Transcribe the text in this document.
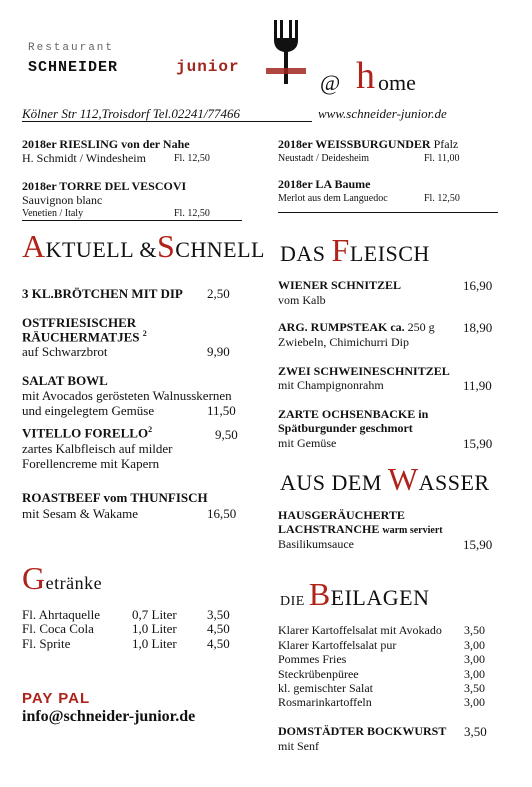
Restaurant
SCHNEIDER	junior
@ h ome
Kölner Str 112,Troisdorf Tel.02241/77466	www.schneider-junior.de
2018er RIESLING von der Nahe
H. Schmidt / Windesheim	Fl. 12,50
2018er TORRE DEL VESCOVI
Sauvignon blanc
Venetien / Italy	Fl. 12,50
2018er WEISSBURGUNDER Pfalz
Neustadt / Deidesheim	Fl. 11,00
2018er LA Baume
Merlot aus dem Languedoc	Fl. 12,50
AKTUELL &SCHNELL
3 KL.BRÖTCHEN MIT DIP 2,50
OSTFRIESISCHER
RÄUCHERMATJES $^2$
auf Schwarzbrot	9,90
SALAT BOWL
mit Avocados gerösteten Walnusskernen
und eingelegtem Gemüse	11,50
VITELLO FORELLO$^2$	9,50
zartes Kalbfleisch auf milder
Forellencreme mit Kapern
ROASTBEEF vom THUNFISCH
mit Sesam & Wakame	16,50
Getränke
Fl. Ahrtaquelle 0,7 Liter 3,50
Fl. Coca Cola	1,0 Liter 4,50
Fl. Sprite	1,0 Liter 4,50
PAY PAL
info@schneider-junior.de
DAS FLEISCH
WIENER SCHNITZEL	16,90
vom Kalb
ARG. RUMPSTEAK ca. 250 g 18,90
Zwiebeln, Chimichurri Dip
ZWEI SCHWEINESCHNITZEL
mit Champignonrahm	11,90
ZARTE OCHSENBACKE in
Spätburgunder geschmort
mit Gemüse	15,90
AUS DEM WASSER
HAUSGERÄUCHERTE
LACHSTRANCHE warm serviert
Basilikumsauce	15,90
DIE BEILAGEN
Klarer Kartoffelsalat mit Avokado 3,50
Klarer Kartoffelsalat pur	3,00
Pommes Fries	3,00
Steckrübenpüree	3,00
kl. gemischter Salat	3,50
Rosmarinkartoffeln	3,00
DOMSTÄDTER BOCKWURST 3,50
mit Senf
